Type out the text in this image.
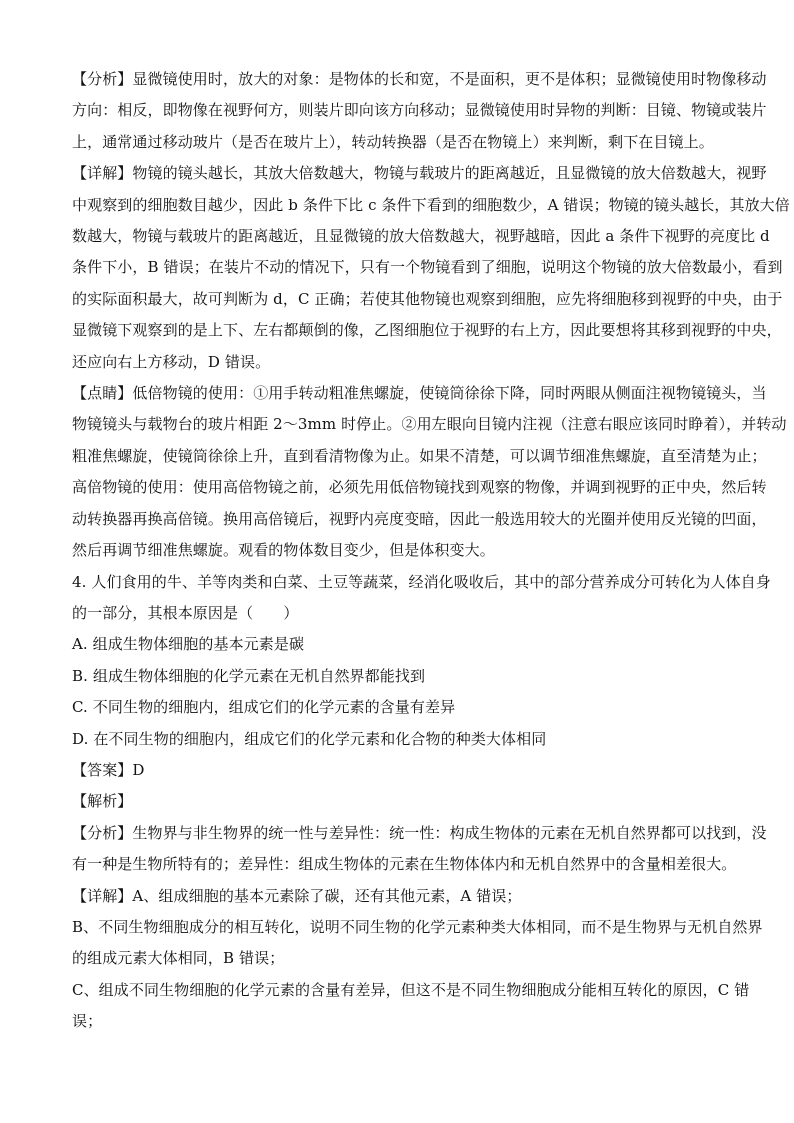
【分析】显微镜使用时，放大的对象：是物体的长和宽，不是面积，更不是体积；显微镜使用时物像移动
方向：相反，即物像在视野何方，则装片即向该方向移动；显微镜使用时异物的判断：目镜、物镜或装片
上，通常通过移动玻片（是否在玻片上），转动转换器（是否在物镜上）来判断，剩下在目镜上。
【详解】物镜的镜头越长，其放大倍数越大，物镜与载玻片的距离越近，且显微镜的放大倍数越大，视野
中观察到的细胞数目越少，因此 b 条件下比 c 条件下看到的细胞数少，A 错误；物镜的镜头越长，其放大倍
数越大，物镜与载玻片的距离越近，且显微镜的放大倍数越大，视野越暗，因此 a 条件下视野的亮度比 d
条件下小，B 错误；在装片不动的情况下，只有一个物镜看到了细胞，说明这个物镜的放大倍数最小，看到
的实际面积最大，故可判断为 d，C 正确；若使其他物镜也观察到细胞，应先将细胞移到视野的中央，由于
显微镜下观察到的是上下、左右都颠倒的像，乙图细胞位于视野的右上方，因此要想将其移到视野的中央，
还应向右上方移动，D 错误。
【点睛】低倍物镜的使用：①用手转动粗准焦螺旋，使镜筒徐徐下降，同时两眼从侧面注视物镜镜头，当
物镜镜头与载物台的玻片相距 2～3mm 时停止。②用左眼向目镜内注视（注意右眼应该同时睁着），并转动
粗准焦螺旋，使镜筒徐徐上升，直到看清物像为止。如果不清楚，可以调节细准焦螺旋，直至清楚为止；
高倍物镜的使用：使用高倍物镜之前，必须先用低倍物镜找到观察的物像，并调到视野的正中央，然后转
动转换器再换高倍镜。换用高倍镜后，视野内亮度变暗，因此一般选用较大的光圈并使用反光镜的凹面，
然后再调节细准焦螺旋。观看的物体数目变少，但是体积变大。
4. 人们食用的牛、羊等肉类和白菜、土豆等蔬菜，经消化吸收后，其中的部分营养成分可转化为人体自身
的一部分，其根本原因是（　　）
A. 组成生物体细胞的基本元素是碳
B. 组成生物体细胞的化学元素在无机自然界都能找到
C. 不同生物的细胞内，组成它们的化学元素的含量有差异
D. 在不同生物的细胞内，组成它们的化学元素和化合物的种类大体相同
【答案】D
【解析】
【分析】生物界与非生物界的统一性与差异性：统一性：构成生物体的元素在无机自然界都可以找到，没
有一种是生物所特有的；差异性：组成生物体的元素在生物体体内和无机自然界中的含量相差很大。
【详解】A、组成细胞的基本元素除了碳，还有其他元素，A 错误；
B、不同生物细胞成分的相互转化，说明不同生物的化学元素种类大体相同，而不是生物界与无机自然界
的组成元素大体相同，B 错误；
C、组成不同生物细胞的化学元素的含量有差异，但这不是不同生物细胞成分能相互转化的原因，C 错
误；
